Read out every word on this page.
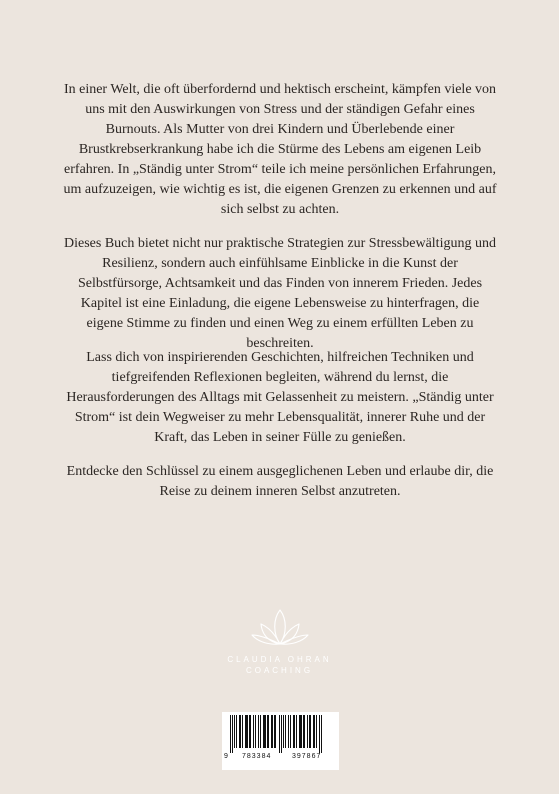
In einer Welt, die oft überfordernd und hektisch erscheint, kämpfen viele von uns mit den Auswirkungen von Stress und der ständigen Gefahr eines Burnouts. Als Mutter von drei Kindern und Überlebende einer Brustkrebserkrankung habe ich die Stürme des Lebens am eigenen Leib erfahren. In „Ständig unter Strom“ teile ich meine persönlichen Erfahrungen, um aufzuzeigen, wie wichtig es ist, die eigenen Grenzen zu erkennen und auf sich selbst zu achten.

Dieses Buch bietet nicht nur praktische Strategien zur Stressbewältigung und Resilienz, sondern auch einfühlsame Einblicke in die Kunst der Selbstfürsorge, Achtsamkeit und das Finden von innerem Frieden. Jedes Kapitel ist eine Einladung, die eigene Lebensweise zu hinterfragen, die eigene Stimme zu finden und einen Weg zu einem erfüllten Leben zu beschreiten.

Lass dich von inspirierenden Geschichten, hilfreichen Techniken und tiefgreifenden Reflexionen begleiten, während du lernst, die Herausforderungen des Alltags mit Gelassenheit zu meistern. „Ständig unter Strom“ ist dein Wegweiser zu mehr Lebensqualität, innerer Ruhe und der Kraft, das Leben in seiner Fülle zu genießen.

Entdecke den Schlüssel zu einem ausgeglichenen Leben und erlaube dir, die Reise zu deinem inneren Selbst anzutreten.

CLAUDIA OHRAN
COACHING
9 783384	397867
